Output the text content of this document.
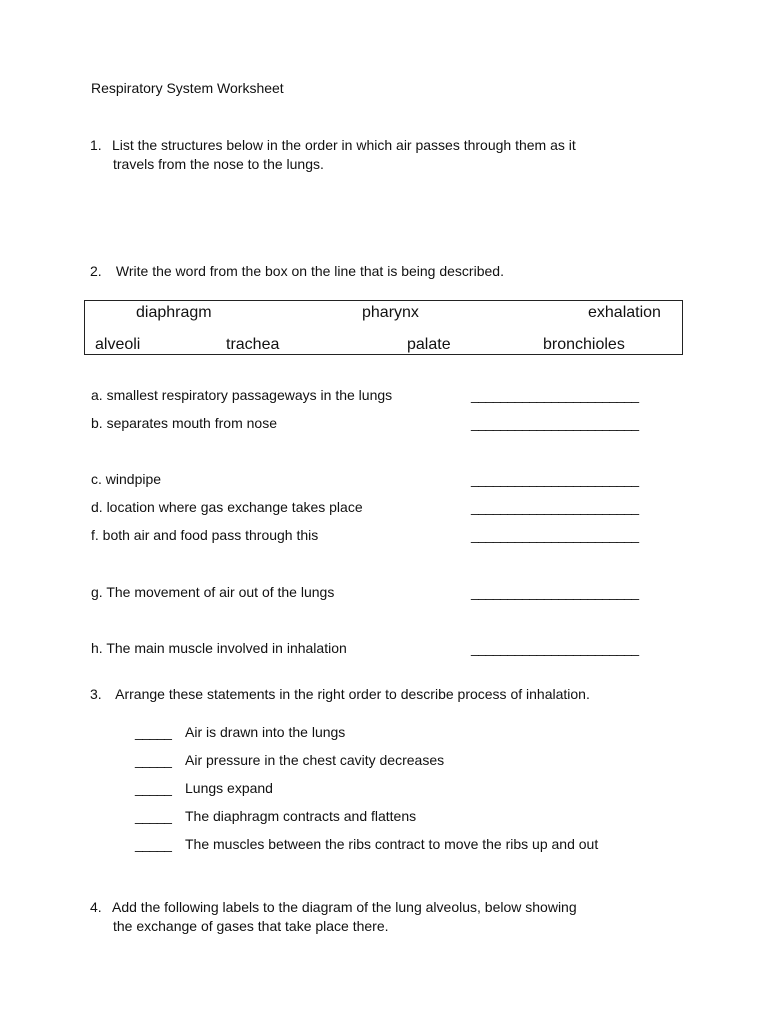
Respiratory System Worksheet
1. List the structures below in the order in which air passes through them as it
travels from the nose to the lungs.
2. Write the word from the box on the line that is being described.
diaphragm	pharynx	exhalation
alveoli	trachea	palate	bronchioles
a. smallest respiratory passageways in the lungs	_______________________
b. separates mouth from nose	_______________________
c. windpipe	_______________________
d. location where gas exchange takes place	_______________________
f. both air and food pass through this	_______________________
g. The movement of air out of the lungs	_______________________
h. The main muscle involved in inhalation	_______________________
3. Arrange these statements in the right order to describe process of inhalation.
_____ Air is drawn into the lungs
_____ Air pressure in the chest cavity decreases
_____ Lungs expand
_____ The diaphragm contracts and flattens
_____ The muscles between the ribs contract to move the ribs up and out
4. Add the following labels to the diagram of the lung alveolus, below showing
the exchange of gases that take place there.
